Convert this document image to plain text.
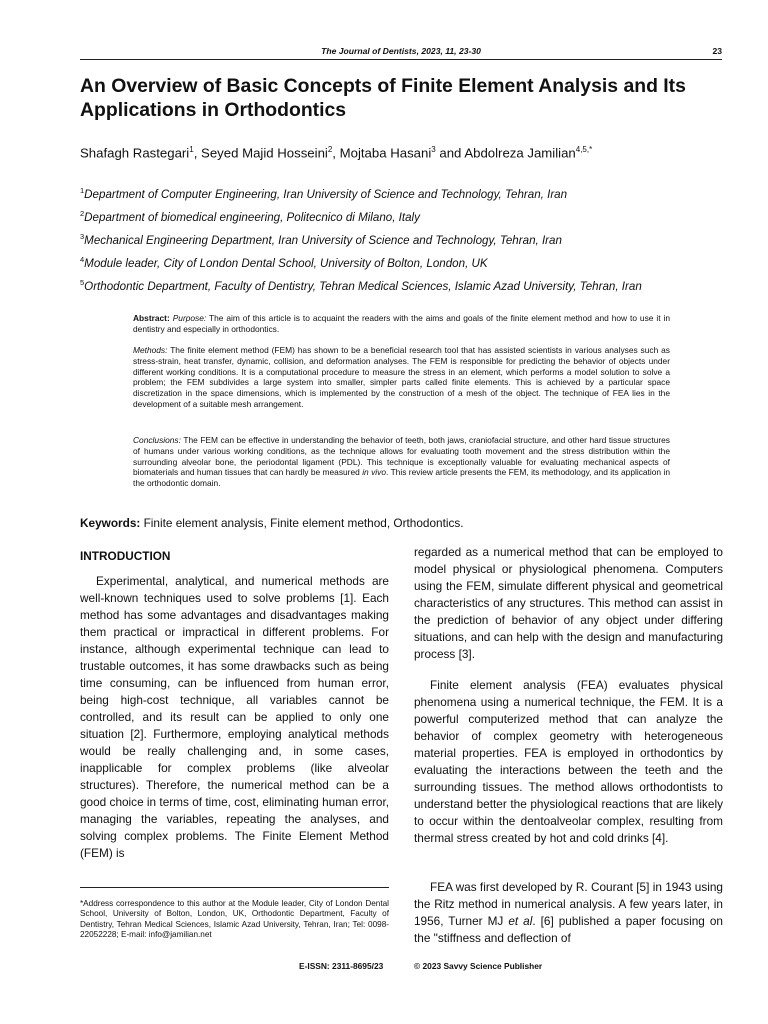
The Journal of Dentists, 2023, 11, 23-30	23
An Overview of Basic Concepts of Finite Element Analysis and Its Applications in Orthodontics
Shafagh Rastegari$^1$, Seyed Majid Hosseini$^2$, Mojtaba Hasani$^3$ and Abdolreza Jamilian$^{4,5,*}$
$^1$Department of Computer Engineering, Iran University of Science and Technology, Tehran, Iran
$^2$Department of biomedical engineering, Politecnico di Milano, Italy
$^3$Mechanical Engineering Department, Iran University of Science and Technology, Tehran, Iran
$^4$Module leader, City of London Dental School, University of Bolton, London, UK
$^5$Orthodontic Department, Faculty of Dentistry, Tehran Medical Sciences, Islamic Azad University, Tehran, Iran
Abstract: Purpose: The aim of this article is to acquaint the readers with the aims and goals of the finite element method and how to use it in dentistry and especially in orthodontics.
Methods: The finite element method (FEM) has shown to be a beneficial research tool that has assisted scientists in various analyses such as stress-strain, heat transfer, dynamic, collision, and deformation analyses. The FEM is responsible for predicting the behavior of objects under different working conditions. It is a computational procedure to measure the stress in an element, which performs a model solution to solve a problem; the FEM subdivides a large system into smaller, simpler parts called finite elements. This is achieved by a particular space discretization in the space dimensions, which is implemented by the construction of a mesh of the object. The technique of FEA lies in the development of a suitable mesh arrangement.
Conclusions: The FEM can be effective in understanding the behavior of teeth, both jaws, craniofacial structure, and other hard tissue structures of humans under various working conditions, as the technique allows for evaluating tooth movement and the stress distribution within the surrounding alveolar bone, the periodontal ligament (PDL). This technique is exceptionally valuable for evaluating mechanical aspects of biomaterials and human tissues that can hardly be measured in vivo. This review article presents the FEM, its methodology, and its application in the orthodontic domain.
Keywords: Finite element analysis, Finite element method, Orthodontics.
INTRODUCTION

Experimental, analytical, and numerical methods are well-known techniques used to solve problems [1]. Each method has some advantages and disadvantages making them practical or impractical in different problems. For instance, although experimental technique can lead to trustable outcomes, it has some drawbacks such as being time consuming, can be influenced from human error, being high-cost technique, all variables cannot be controlled, and its result can be applied to only one situation [2]. Furthermore, employing analytical methods would be really challenging and, in some cases, inapplicable for complex problems (like alveolar structures). Therefore, the numerical method can be a good choice in terms of time, cost, eliminating human error, managing the variables, repeating the analyses, and solving complex problems. The Finite Element Method (FEM) is

regarded as a numerical method that can be employed to model physical or physiological phenomena. Computers using the FEM, simulate different physical and geometrical characteristics of any structures. This method can assist in the prediction of behavior of any object under differing situations, and can help with the design and manufacturing process [3].

Finite element analysis (FEA) evaluates physical phenomena using a numerical technique, the FEM. It is a powerful computerized method that can analyze the behavior of complex geometry with heterogeneous material properties. FEA is employed in orthodontics by evaluating the interactions between the teeth and the surrounding tissues. The method allows orthodontists to understand better the physiological reactions that are likely to occur within the dentoalveolar complex, resulting from thermal stress created by hot and cold drinks [4].

FEA was first developed by R. Courant [5] in 1943 using the Ritz method in numerical analysis. A few years later, in 1956, Turner MJ et al. [6] published a paper focusing on the "stiffness and deflection of

*Address correspondence to this author at the Module leader, City of London Dental School, University of Bolton, London, UK, Orthodontic Department, Faculty of Dentistry, Tehran Medical Sciences, Islamic Azad University, Tehran, Iran; Tel: 0098-22052228; E-mail: info@jamilian.net
E-ISSN: 2311-8695/23	© 2023 Savvy Science Publisher
